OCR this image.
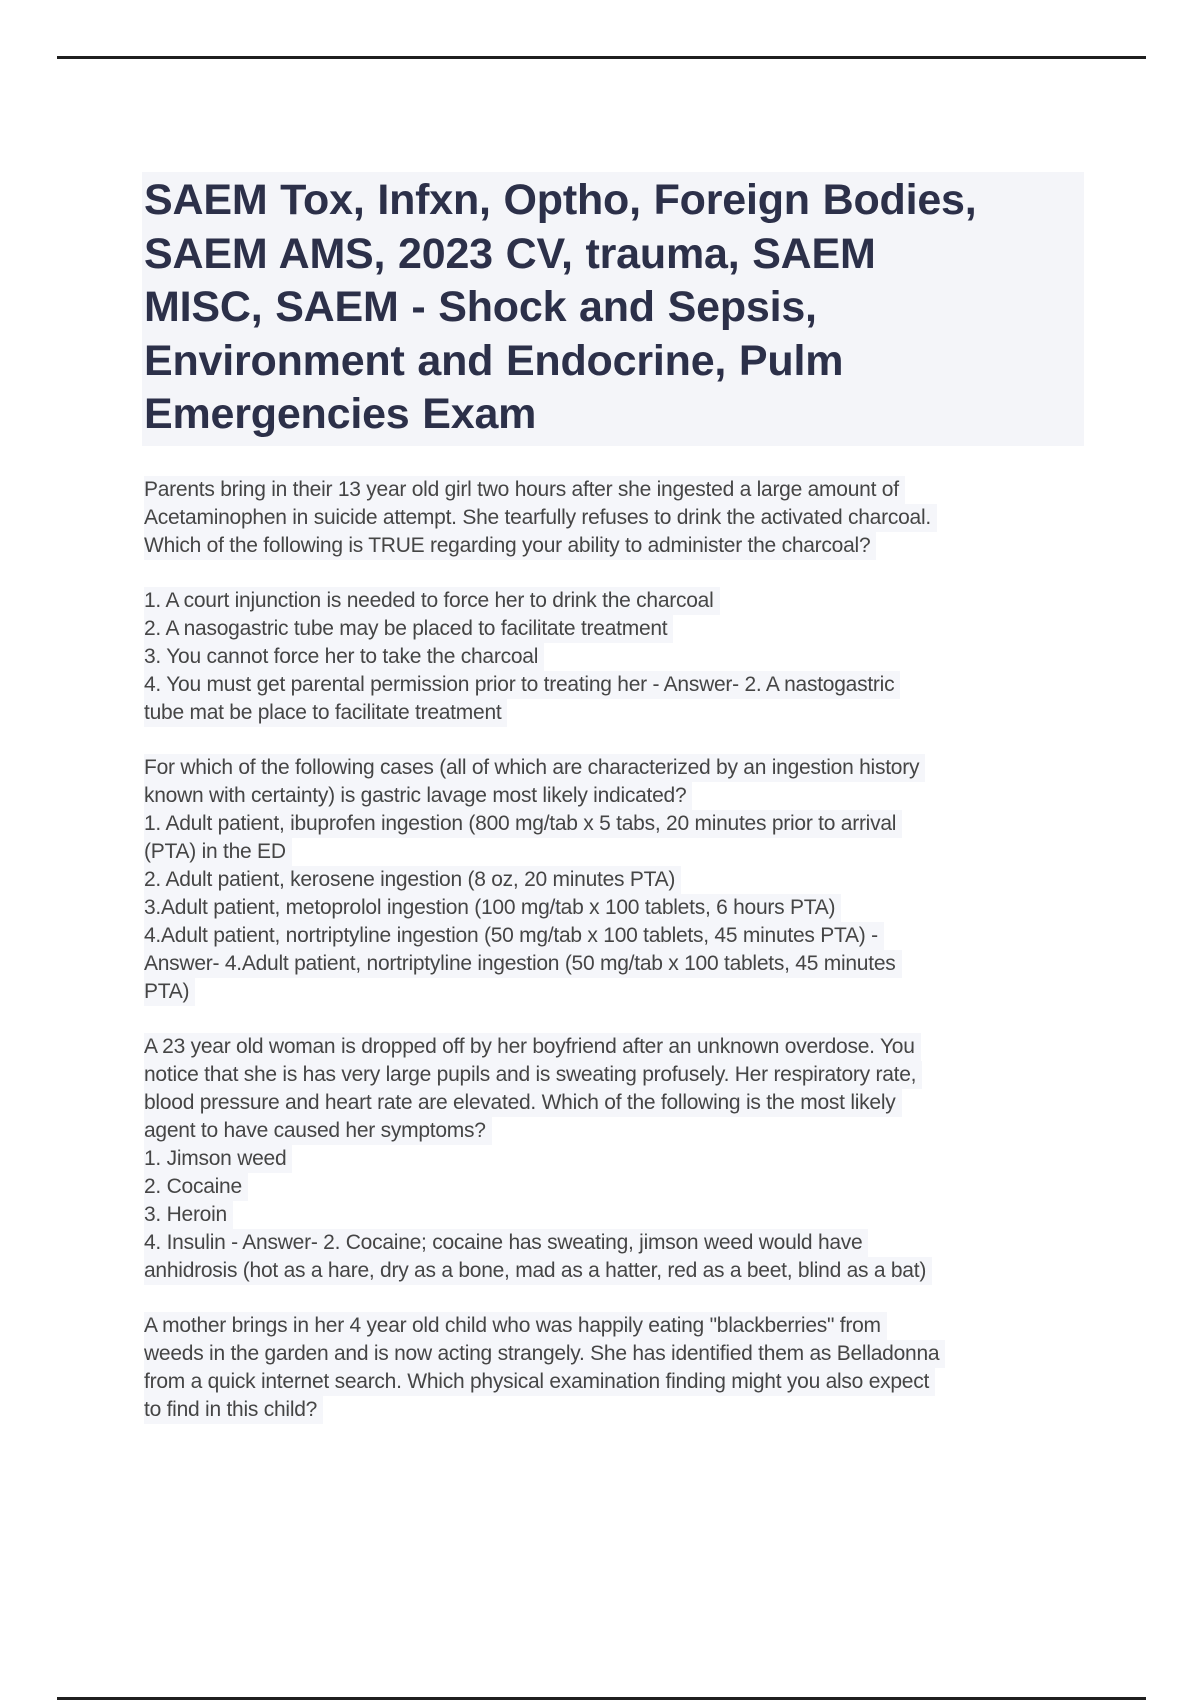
SAEM Tox, Infxn, Optho, Foreign Bodies,
SAEM AMS, 2023 CV, trauma, SAEM
MISC, SAEM - Shock and Sepsis,
Environment and Endocrine, Pulm
Emergencies Exam
Parents bring in their 13 year old girl two hours after she ingested a large amount of
Acetaminophen in suicide attempt. She tearfully refuses to drink the activated charcoal.
Which of the following is TRUE regarding your ability to administer the charcoal?
1. A court injunction is needed to force her to drink the charcoal
2. A nasogastric tube may be placed to facilitate treatment
3. You cannot force her to take the charcoal
4. You must get parental permission prior to treating her - Answer- 2. A nastogastric
tube mat be place to facilitate treatment
For which of the following cases (all of which are characterized by an ingestion history
known with certainty) is gastric lavage most likely indicated?
1. Adult patient, ibuprofen ingestion (800 mg/tab x 5 tabs, 20 minutes prior to arrival
(PTA) in the ED
2. Adult patient, kerosene ingestion (8 oz, 20 minutes PTA)
3.Adult patient, metoprolol ingestion (100 mg/tab x 100 tablets, 6 hours PTA)
4.Adult patient, nortriptyline ingestion (50 mg/tab x 100 tablets, 45 minutes PTA) -
Answer- 4.Adult patient, nortriptyline ingestion (50 mg/tab x 100 tablets, 45 minutes
PTA)
A 23 year old woman is dropped off by her boyfriend after an unknown overdose. You
notice that she is has very large pupils and is sweating profusely. Her respiratory rate,
blood pressure and heart rate are elevated. Which of the following is the most likely
agent to have caused her symptoms?
1. Jimson weed
2. Cocaine
3. Heroin
4. Insulin - Answer- 2. Cocaine; cocaine has sweating, jimson weed would have
anhidrosis (hot as a hare, dry as a bone, mad as a hatter, red as a beet, blind as a bat)
A mother brings in her 4 year old child who was happily eating "blackberries" from
weeds in the garden and is now acting strangely. She has identified them as Belladonna
from a quick internet search. Which physical examination finding might you also expect
to find in this child?
